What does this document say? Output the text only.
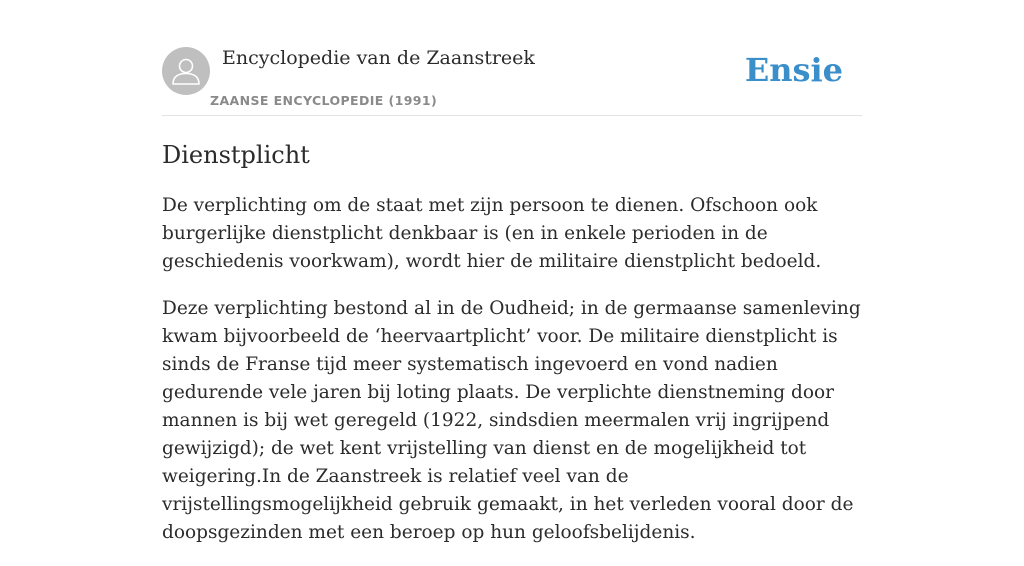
Encyclopedie van de Zaanstreek
ZAANSE ENCYCLOPEDIE (1991)
Ensie
Dienstplicht

De verplichting om de staat met zijn persoon te dienen. Ofschoon ook burgerlijke dienstplicht denkbaar is (en in enkele perioden in de geschiedenis voorkwam), wordt hier de militaire dienstplicht bedoeld.

Deze verplichting bestond al in de Oudheid; in de germaanse samenleving kwam bijvoorbeeld de ‘heervaartplicht’ voor. De militaire dienstplicht is sinds de Franse tijd meer systematisch ingevoerd en vond nadien gedurende vele jaren bij loting plaats. De verplichte dienstneming door mannen is bij wet geregeld (1922, sindsdien meermalen vrij ingrijpend gewijzigd); de wet kent vrijstelling van dienst en de mogelijkheid tot weigering.In de Zaanstreek is relatief veel van de vrijstellingsmogelijkheid gebruik gemaakt, in het verleden vooral door de doopsgezinden met een beroep op hun geloofsbelijdenis.
